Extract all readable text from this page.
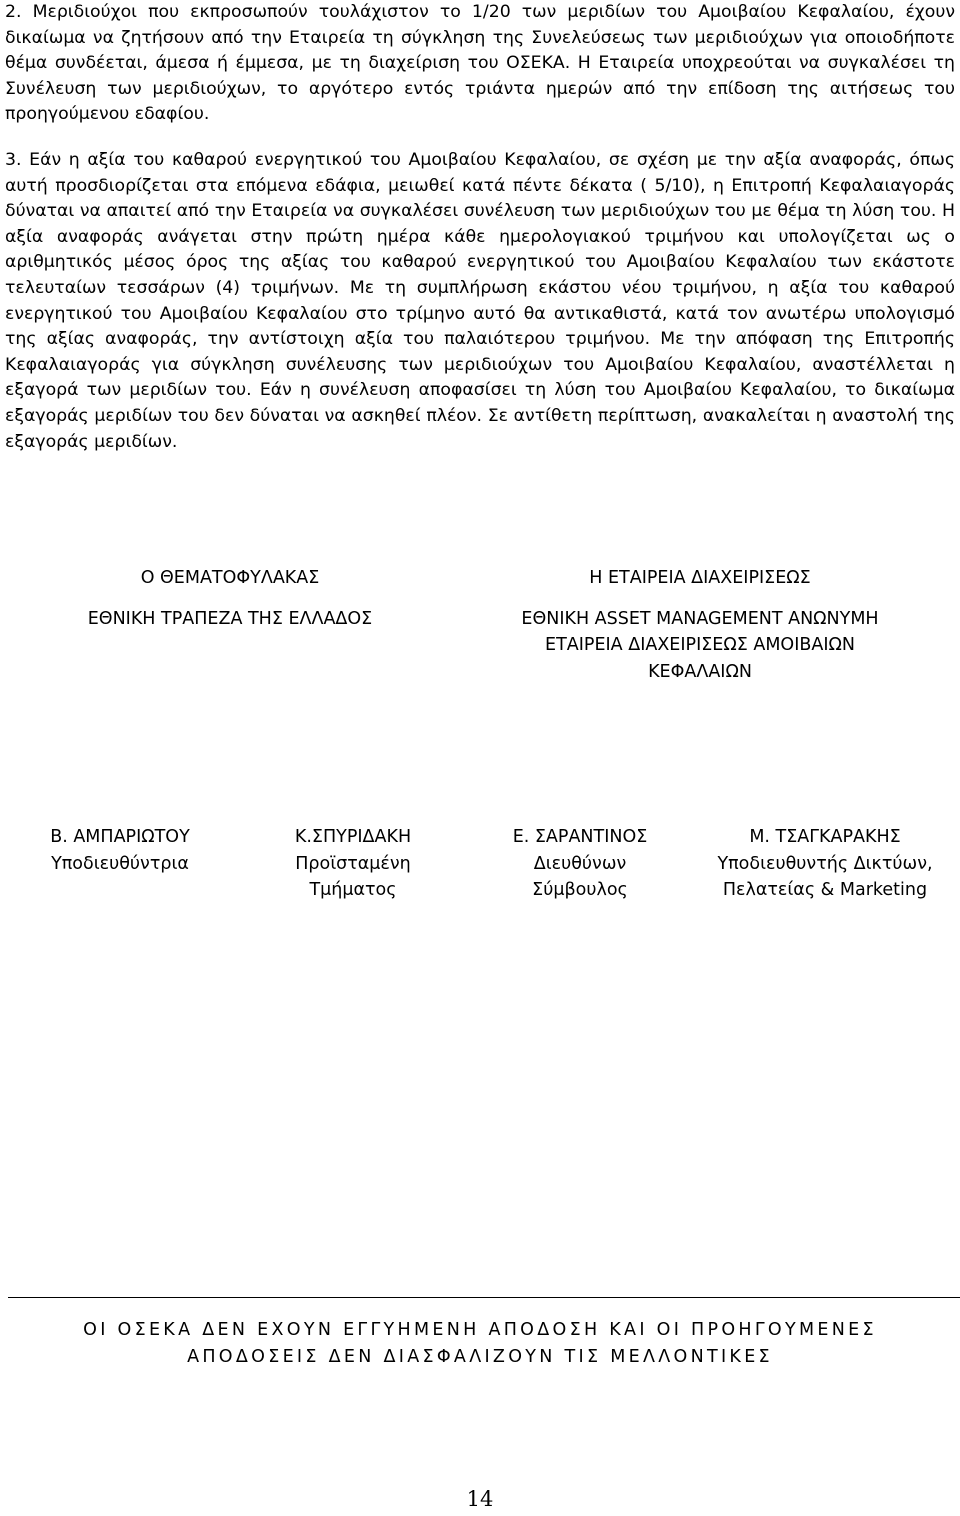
2. Μεριδιούχοι που εκπροσωπούν τουλάχιστον το 1/20 των μεριδίων του Αμοιβαίου Κεφαλαίου, έχουν δικαίωμα να ζητήσουν από την Εταιρεία τη σύγκληση της Συνελεύσεως των μεριδιούχων για οποιοδήποτε θέμα συνδέεται, άμεσα ή έμμεσα, με τη διαχείριση του ΟΣΕΚΑ. Η Εταιρεία υποχρεούται να συγκαλέσει τη Συνέλευση των μεριδιούχων, το αργότερο εντός τριάντα ημερών από την επίδοση της αιτήσεως του προηγούμενου εδαφίου.

3. Εάν η αξία του καθαρού ενεργητικού του Αμοιβαίου Κεφαλαίου, σε σχέση με την αξία αναφοράς, όπως αυτή προσδιορίζεται στα επόμενα εδάφια, μειωθεί κατά πέντε δέκατα ( 5/10), η Επιτροπή Κεφαλαιαγοράς δύναται να απαιτεί από την Εταιρεία να συγκαλέσει συνέλευση των μεριδιούχων του με θέμα τη λύση του. Η αξία αναφοράς ανάγεται στην πρώτη ημέρα κάθε ημερολογιακού τριμήνου και υπολογίζεται ως ο αριθμητικός μέσος όρος της αξίας του καθαρού ενεργητικού του Αμοιβαίου Κεφαλαίου των εκάστοτε τελευταίων τεσσάρων (4) τριμήνων. Με τη συμπλήρωση εκάστου νέου τριμήνου, η αξία του καθαρού ενεργητικού του Αμοιβαίου Κεφαλαίου στο τρίμηνο αυτό θα αντικαθιστά, κατά τον ανωτέρω υπολογισμό της αξίας αναφοράς, την αντίστοιχη αξία του παλαιότερου τριμήνου. Με την απόφαση της Επιτροπής Κεφαλαιαγοράς για σύγκληση συνέλευσης των μεριδιούχων του Αμοιβαίου Κεφαλαίου, αναστέλλεται η εξαγορά των μεριδίων του. Εάν η συνέλευση αποφασίσει τη λύση του Αμοιβαίου Κεφαλαίου, το δικαίωμα εξαγοράς μεριδίων του δεν δύναται να ασκηθεί πλέον. Σε αντίθετη περίπτωση, ανακαλείται η αναστολή της εξαγοράς μεριδίων.

Ο ΘΕΜΑΤΟΦΥΛΑΚΑΣ
ΕΘΝΙΚΗ ΤΡΑΠΕΖΑ ΤΗΣ ΕΛΛΑΔΟΣ
Η ΕΤΑΙΡΕΙΑ ΔΙΑΧΕΙΡΙΣΕΩΣ
ΕΘΝΙΚΗ ASSET MANAGEMENT ΑΝΩΝΥΜΗ
ΕΤΑΙΡΕΙΑ ΔΙΑΧΕΙΡΙΣΕΩΣ ΑΜΟΙΒΑΙΩΝ
ΚΕΦΑΛΑΙΩΝ
Β. ΑΜΠΑΡΙΩΤΟΥ
Υποδιευθύντρια
Κ.ΣΠΥΡΙΔΑΚΗ
Προϊσταμένη
Τμήματος
Ε. ΣΑΡΑΝΤΙΝΟΣ
Διευθύνων
Σύμβουλος
Μ. ΤΣΑΓΚΑΡΑΚΗΣ
Υποδιευθυντής Δικτύων,
Πελατείας & Marketing
ΟΙ ΟΣΕΚΑ ΔΕΝ ΕΧΟΥΝ ΕΓΓΥΗΜΕΝΗ ΑΠΟΔΟΣΗ ΚΑΙ ΟΙ ΠΡΟΗΓΟΥΜΕΝΕΣ
ΑΠΟΔΟΣΕΙΣ ΔΕΝ ΔΙΑΣΦΑΛΙΖΟΥΝ ΤΙΣ ΜΕΛΛΟΝΤΙΚΕΣ
14
